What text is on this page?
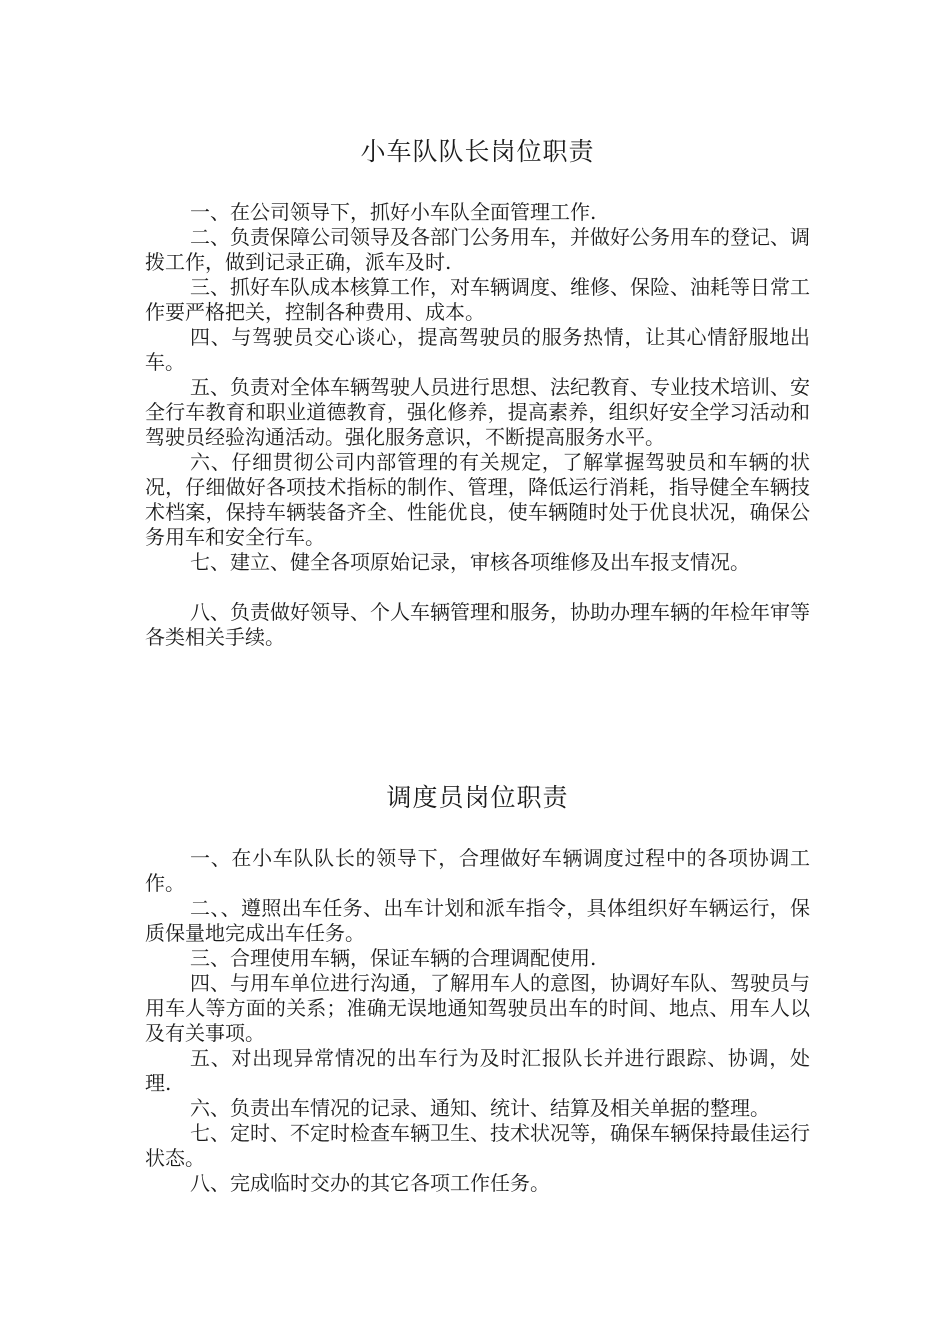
小车队队长岗位职责

一、在公司领导下，抓好小车队全面管理工作.

二、负责保障公司领导及各部门公务用车，并做好公务用车的登记、调拨工作，做到记录正确，派车及时.

三、抓好车队成本核算工作，对车辆调度、维修、保险、油耗等日常工作要严格把关，控制各种费用、成本。

四、与驾驶员交心谈心，提高驾驶员的服务热情，让其心情舒服地出车。

五、负责对全体车辆驾驶人员进行思想、法纪教育、专业技术培训、安全行车教育和职业道德教育，强化修养，提高素养，组织好安全学习活动和驾驶员经验沟通活动。强化服务意识，不断提高服务水平。

六、仔细贯彻公司内部管理的有关规定，了解掌握驾驶员和车辆的状况，仔细做好各项技术指标的制作、管理，降低运行消耗，指导健全车辆技术档案，保持车辆装备齐全、性能优良，使车辆随时处于优良状况，确保公务用车和安全行车。

七、建立、健全各项原始记录，审核各项维修及出车报支情况。

八、负责做好领导、个人车辆管理和服务，协助办理车辆的年检年审等各类相关手续。

调度员岗位职责

一、在小车队队长的领导下，合理做好车辆调度过程中的各项协调工作。

二、、遵照出车任务、出车计划和派车指令，具体组织好车辆运行，保质保量地完成出车任务。

三、合理使用车辆，保证车辆的合理调配使用.

四、与用车单位进行沟通，了解用车人的意图，协调好车队、驾驶员与用车人等方面的关系；准确无误地通知驾驶员出车的时间、地点、用车人以及有关事项。

五、对出现异常情况的出车行为及时汇报队长并进行跟踪、协调，处理.

六、负责出车情况的记录、通知、统计、结算及相关单据的整理。

七、定时、不定时检查车辆卫生、技术状况等，确保车辆保持最佳运行状态。

八、完成临时交办的其它各项工作任务。
